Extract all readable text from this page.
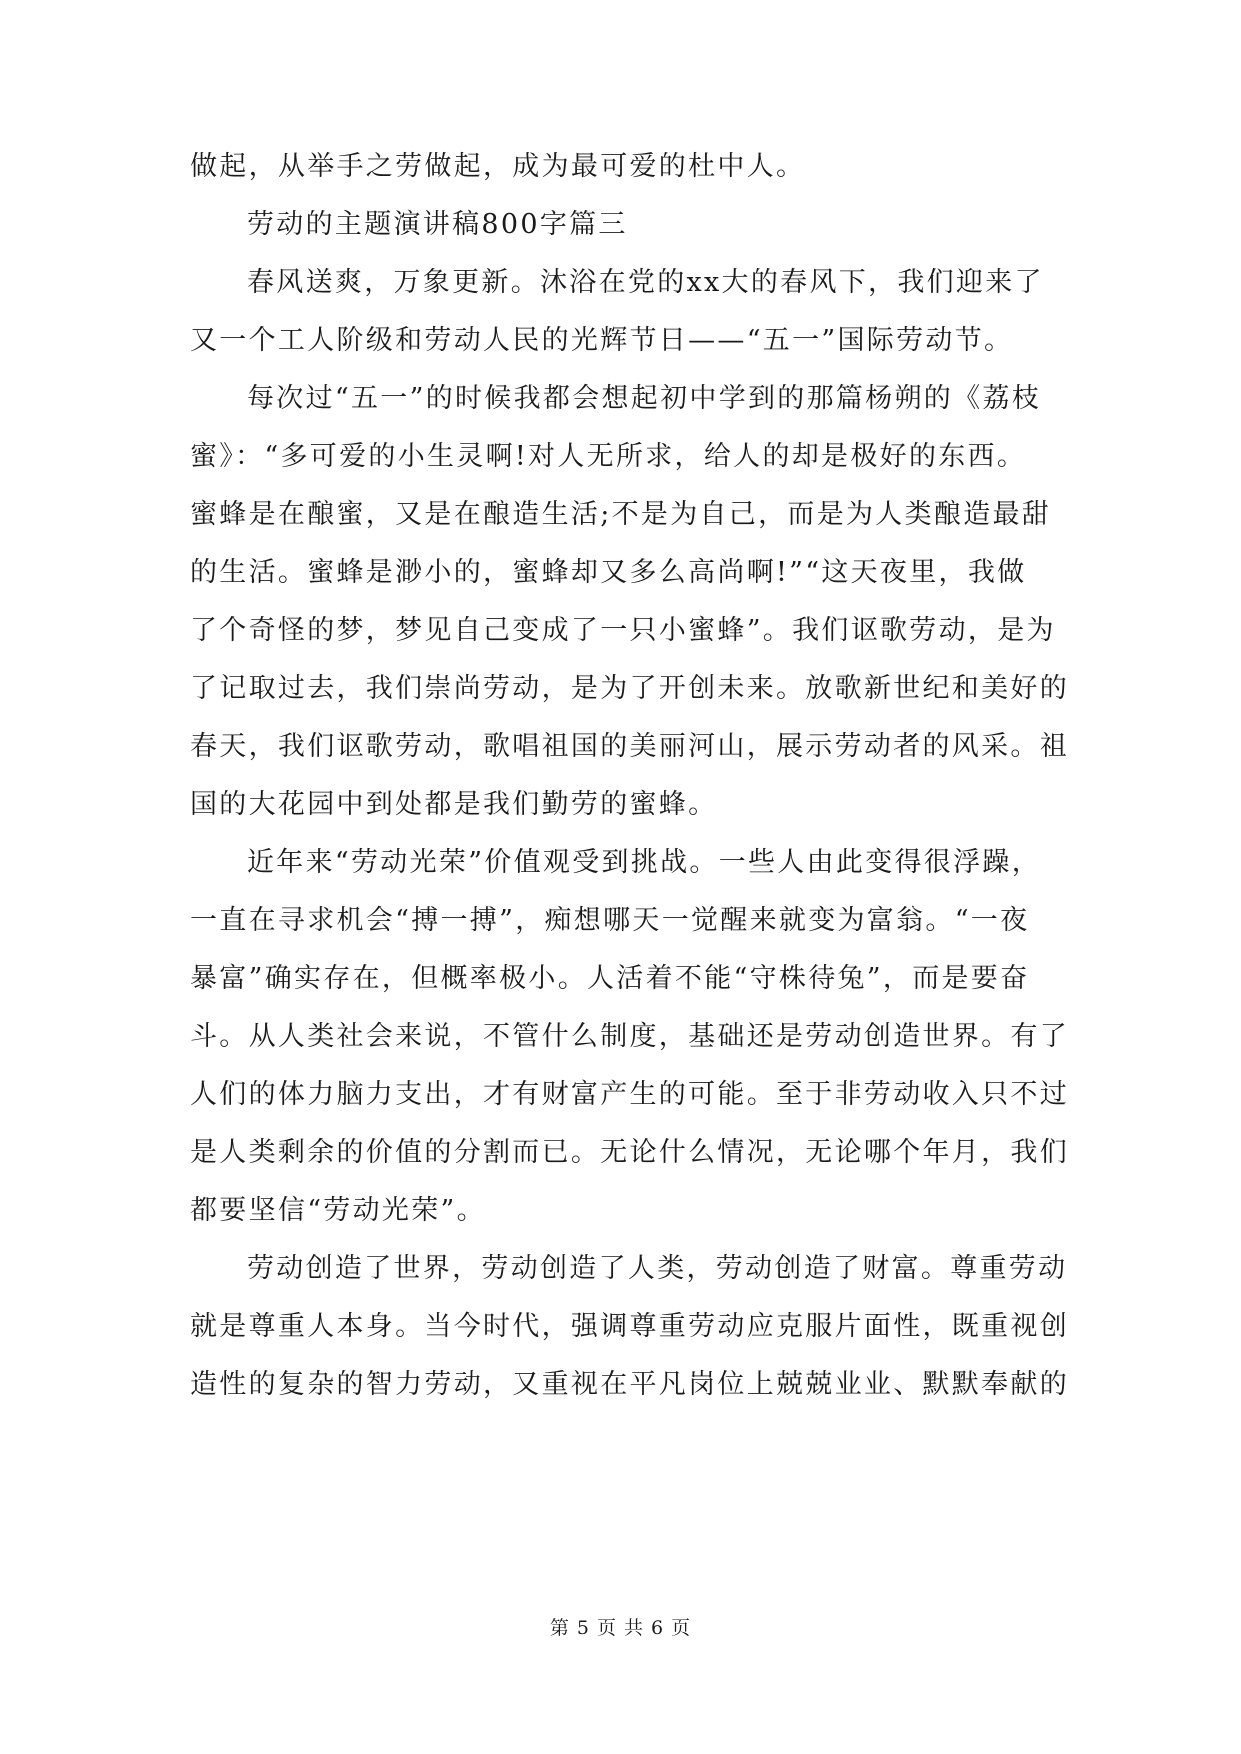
做起，从举手之劳做起，成为最可爱的杜中人。
劳动的主题演讲稿800字篇三
春风送爽，万象更新。沐浴在党的xx大的春风下，我们迎来了
又一个工人阶级和劳动人民的光辉节日——“五一”国际劳动节。
每次过“五一”的时候我都会想起初中学到的那篇杨朔的《荔枝
蜜》：“多可爱的小生灵啊!对人无所求，给人的却是极好的东西。
蜜蜂是在酿蜜，又是在酿造生活;不是为自己，而是为人类酿造最甜
的生活。蜜蜂是渺小的，蜜蜂却又多么高尚啊!”“这天夜里，我做
了个奇怪的梦，梦见自己变成了一只小蜜蜂”。我们讴歌劳动，是为
了记取过去，我们崇尚劳动，是为了开创未来。放歌新世纪和美好的
春天，我们讴歌劳动，歌唱祖国的美丽河山，展示劳动者的风采。祖
国的大花园中到处都是我们勤劳的蜜蜂。
近年来“劳动光荣”价值观受到挑战。一些人由此变得很浮躁，
一直在寻求机会“搏一搏”，痴想哪天一觉醒来就变为富翁。“一夜
暴富”确实存在，但概率极小。人活着不能“守株待兔”，而是要奋
斗。从人类社会来说，不管什么制度，基础还是劳动创造世界。有了
人们的体力脑力支出，才有财富产生的可能。至于非劳动收入只不过
是人类剩余的价值的分割而已。无论什么情况，无论哪个年月，我们
都要坚信“劳动光荣”。
劳动创造了世界，劳动创造了人类，劳动创造了财富。尊重劳动
就是尊重人本身。当今时代，强调尊重劳动应克服片面性，既重视创
造性的复杂的智力劳动，又重视在平凡岗位上兢兢业业、默默奉献的
第 5 页 共 6 页
